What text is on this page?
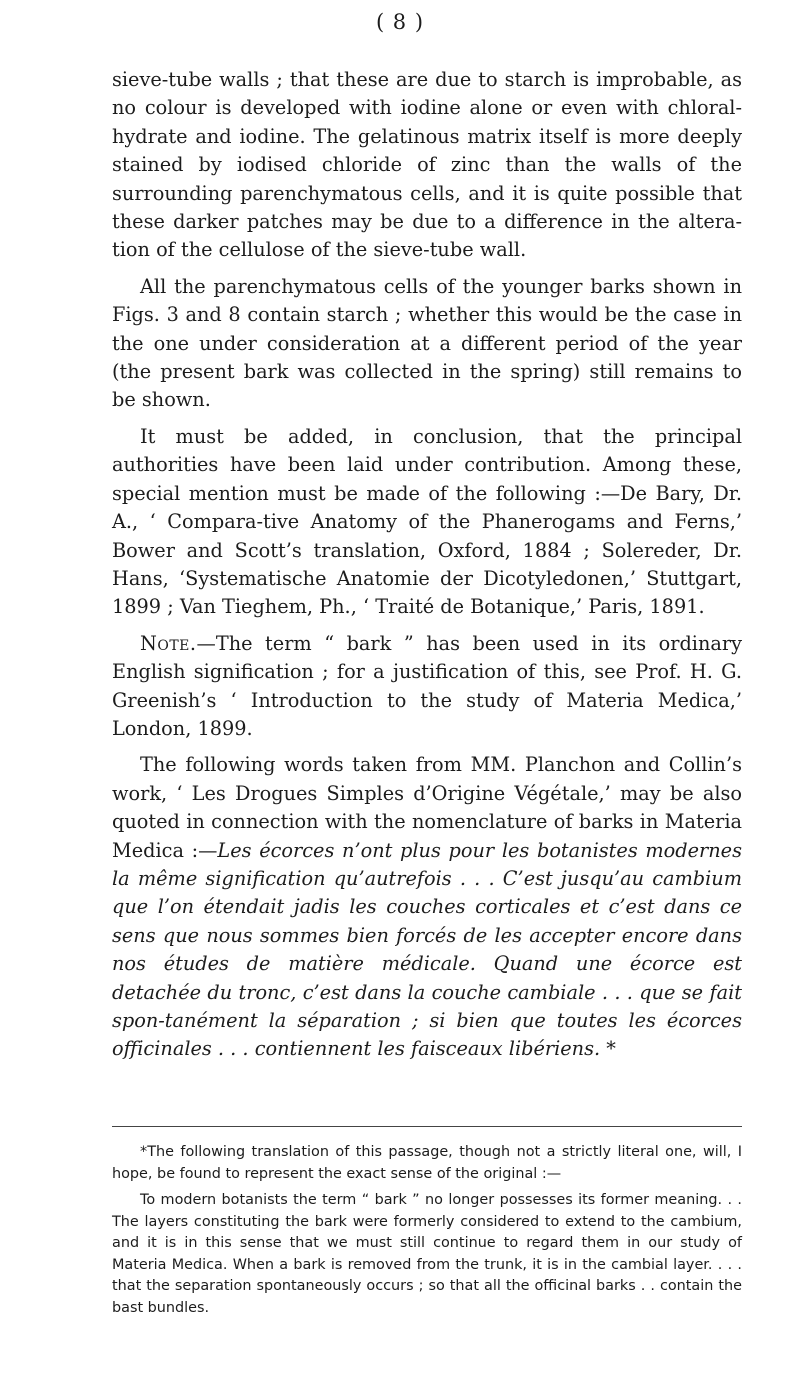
( 8 )

sieve-tube walls ; that these are due to starch is improbable, as no colour is developed with iodine alone or even with chloral-hydrate and iodine. The gelatinous matrix itself is more deeply stained by iodised chloride of zinc than the walls of the surrounding parenchymatous cells, and it is quite possible that these darker patches may be due to a difference in the altera-tion of the cellulose of the sieve-tube wall.

All the parenchymatous cells of the younger barks shown in Figs. 3 and 8 contain starch ; whether this would be the case in the one under consideration at a different period of the year (the present bark was collected in the spring) still remains to be shown.

It must be added, in conclusion, that the principal authorities have been laid under contribution. Among these, special mention must be made of the following :—De Bary, Dr. A., ‘ Compara-tive Anatomy of the Phanerogams and Ferns,’ Bower and Scott’s translation, Oxford, 1884 ; Solereder, Dr. Hans, ‘Systematische Anatomie der Dicotyledonen,’ Stuttgart, 1899 ; Van Tieghem, Ph., ‘ Traité de Botanique,’ Paris, 1891.

Note.—The term “ bark ” has been used in its ordinary English signification ; for a justification of this, see Prof. H. G. Greenish’s ‘ Introduction to the study of Materia Medica,’ London, 1899.

The following words taken from MM. Planchon and Collin’s work, ‘ Les Drogues Simples d’Origine Végétale,’ may be also quoted in connection with the nomenclature of barks in Materia Medica :—Les écorces n’ont plus pour les botanistes modernes la même signification qu’autrefois . . . C’est jusqu’au cambium que l’on étendait jadis les couches corticales et c’est dans ce sens que nous sommes bien forcés de les accepter encore dans nos études de matière médicale. Quand une écorce est detachée du tronc, c’est dans la couche cambiale . . . que se fait spon-tanément la séparation ; si bien que toutes les écorces officinales . . . contiennent les faisceaux libériens. *

*The following translation of this passage, though not a strictly literal one, will, I hope, be found to represent the exact sense of the original :—

To modern botanists the term “ bark ” no longer possesses its former meaning. . . The layers constituting the bark were formerly considered to extend to the cambium, and it is in this sense that we must still continue to regard them in our study of Materia Medica. When a bark is removed from the trunk, it is in the cambial layer. . . . that the separation spontaneously occurs ; so that all the officinal barks . . contain the bast bundles.
